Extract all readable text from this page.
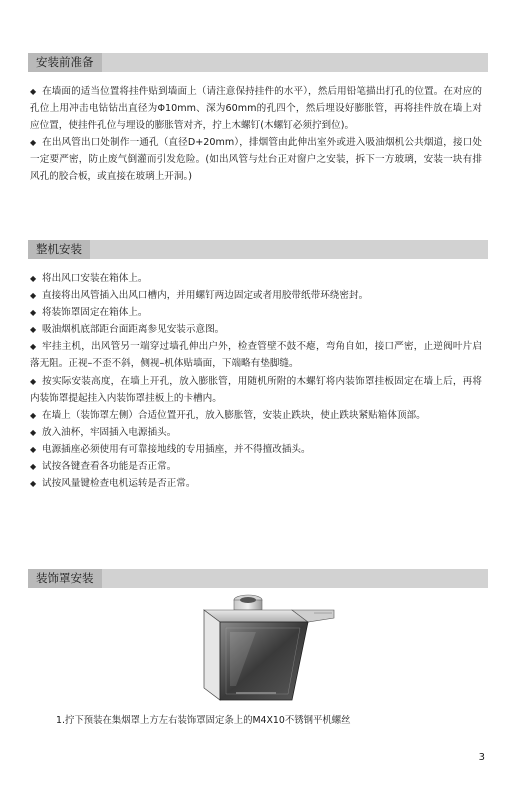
安装前准备

◆ 在墙面的适当位置将挂件贴到墙面上（请注意保持挂件的水平），然后用铅笔描出打孔的位置。在对应的孔位上用冲击电钻钻出直径为Φ10mm、深为60mm的孔四个，然后埋设好膨胀管，再将挂件放在墙上对应位置，使挂件孔位与埋设的膨胀管对齐，拧上木螺钉(木螺钉必须拧到位)。

◆ 在出风管出口处制作一通孔（直径D+20mm），排烟管由此伸出室外或进入吸油烟机公共烟道，接口处一定要严密，防止废气倒灌而引发危险。(如出风管与灶台正对窗户之安装，拆下一方玻璃，安装一块有排风孔的胶合板，或直接在玻璃上开洞。)

整机安装

◆ 将出风口安装在箱体上。

◆ 直接将出风管插入出风口槽内，并用螺钉两边固定或者用胶带纸带环绕密封。

◆ 将装饰罩固定在箱体上。

◆ 吸油烟机底部距台面距离参见安装示意图。

◆ 牢挂主机，出风管另一端穿过墙孔伸出户外，检查管壁不鼓不瘪，弯角自如，接口严密，止逆阀叶片启落无阻。正视–不歪不斜，侧视–机体贴墙面，下端略有垫脚缝。

◆ 按实际安装高度，在墙上开孔，放入膨胀管，用随机所附的木螺钉将内装饰罩挂板固定在墙上后，再将内装饰罩提起挂入内装饰罩挂板上的卡槽内。

◆ 在墙上（装饰罩左侧）合适位置开孔，放入膨胀管，安装止跌块，使止跌块紧贴箱体顶部。

◆ 放入油杯，牢固插入电源插头。

◆ 电源插座必须使用有可靠接地线的专用插座，并不得擅改插头。

◆ 试按各键查看各功能是否正常。

◆ 试按风量键检查电机运转是否正常。

装饰罩安装
1.拧下预装在集烟罩上方左右装饰罩固定条上的M4X10不锈钢平机螺丝
3
